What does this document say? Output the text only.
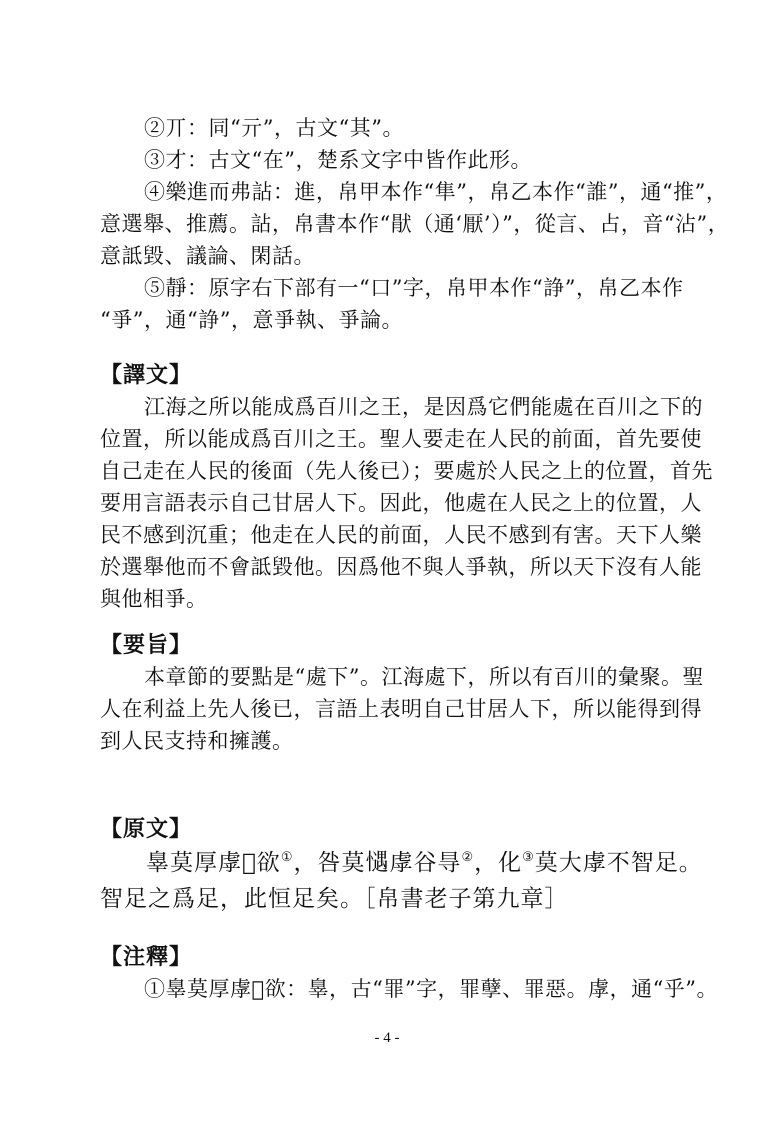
②丌：同“亓”，古文“其”。
③才：古文“在”，楚系文字中皆作此形。
④樂進而弗詀：進，帛甲本作“隼”，帛乙本作“誰”，通“推”，
意選舉、推薦。詀，帛書本作“猒（通‘厭’）”，從言、占，音“沾”，
意詆毀、議論、閑話。
⑤靜：原字右下部有一“口”字，帛甲本作“諍”，帛乙本作
“爭”，通“諍”，意爭執、爭論。
【譯文】
江海之所以能成爲百川之王，是因爲它們能處在百川之下的
位置，所以能成爲百川之王。聖人要走在人民的前面，首先要使
自己走在人民的後面（先人後已）；要處於人民之上的位置，首先
要用言語表示自己甘居人下。因此，他處在人民之上的位置，人
民不感到沉重；他走在人民的前面，人民不感到有害。天下人樂
於選舉他而不會詆毀他。因爲他不與人爭執，所以天下沒有人能
與他相爭。
【要旨】
本章節的要點是“處下”。江海處下，所以有百川的彙聚。聖
人在利益上先人後已，言語上表明自己甘居人下，所以能得到得
到人民支持和擁護。
【原文】
辠莫厚虖𢡺欲①，咎莫𢡎虖谷㝵②，化③莫大虖不智足。
智足之爲足，此恒足矣。［帛書老子第九章］
【注釋】
①辠莫厚虖𢡺欲：辠，古“罪”字，罪孽、罪惡。虖，通“乎”。
- 4 -
